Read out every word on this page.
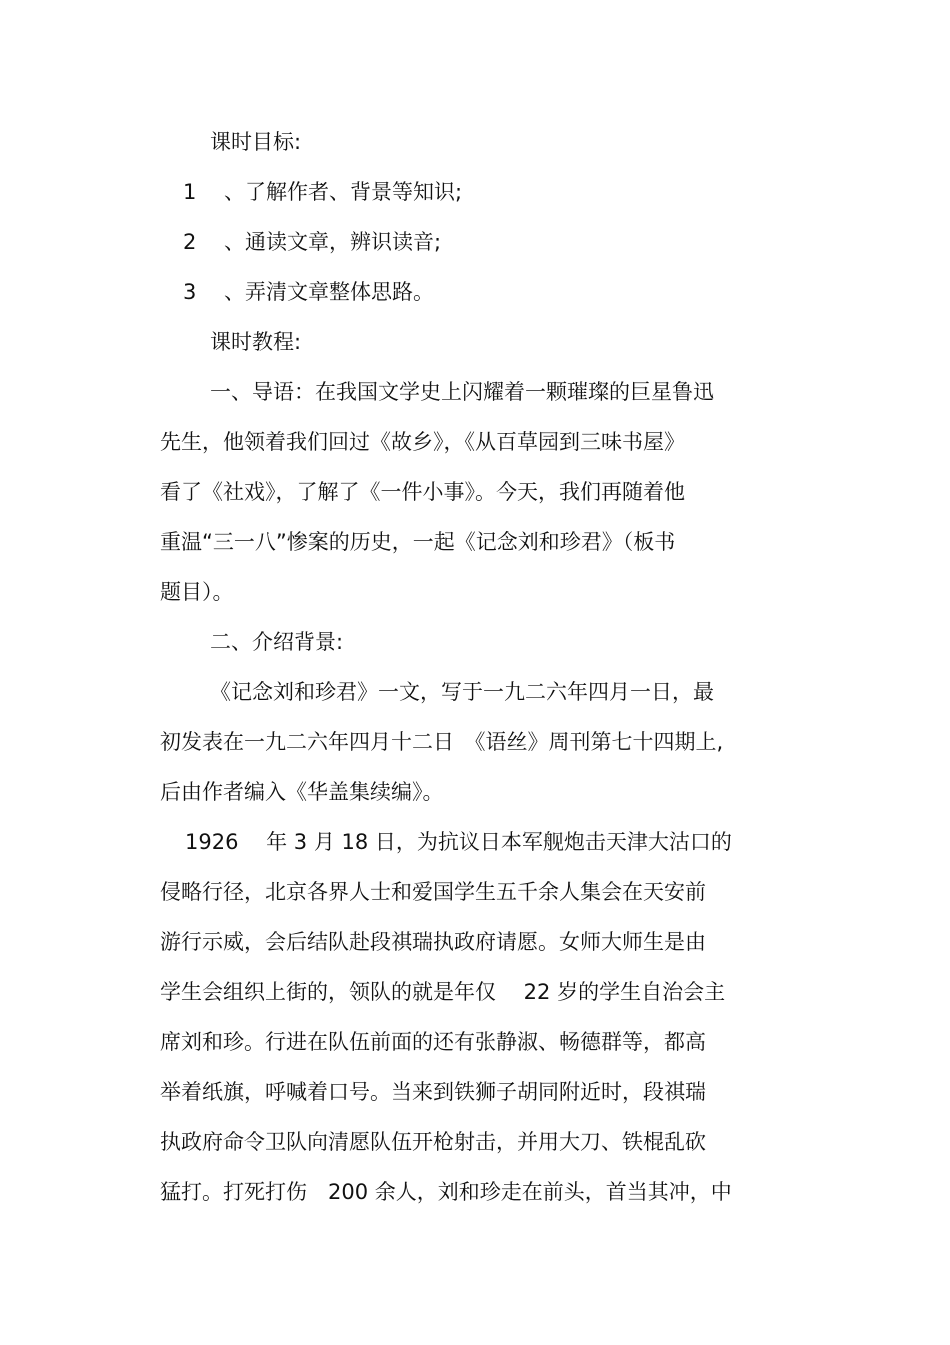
课时目标:
1　 、了解作者、背景等知识;
2　 、通读文章，辨识读音;
3　 、弄清文章整体思路。
课时教程:
一、导语：在我国文学史上闪耀着一颗璀璨的巨星鲁迅
先生，他领着我们回过《故乡》，《从百草园到三味书屋》
看了《社戏》，了解了《一件小事》。今天，我们再随着他
重温“三一八”惨案的历史，一起《记念刘和珍君》（板书
题目）。
二、介绍背景:
《记念刘和珍君》一文，写于一九二六年四月一日，最
初发表在一九二六年四月十二日　《语丝》周刊第七十四期上,
后由作者编入《华盖集续编》。
1926　 年 3 月 18 日，为抗议日本军舰炮击天津大沽口的
侵略行径，北京各界人士和爱国学生五千余人集会在天安前
游行示威，会后结队赴段祺瑞执政府请愿。女师大师生是由
学生会组织上街的，领队的就是年仅　 22 岁的学生自治会主
席刘和珍。行进在队伍前面的还有张静淑、畅德群等，都高
举着纸旗，呼喊着口号。当来到铁狮子胡同附近时，段祺瑞
执政府命令卫队向清愿队伍开枪射击，并用大刀、铁棍乱砍
猛打。打死打伤　200 余人，刘和珍走在前头，首当其冲，中
